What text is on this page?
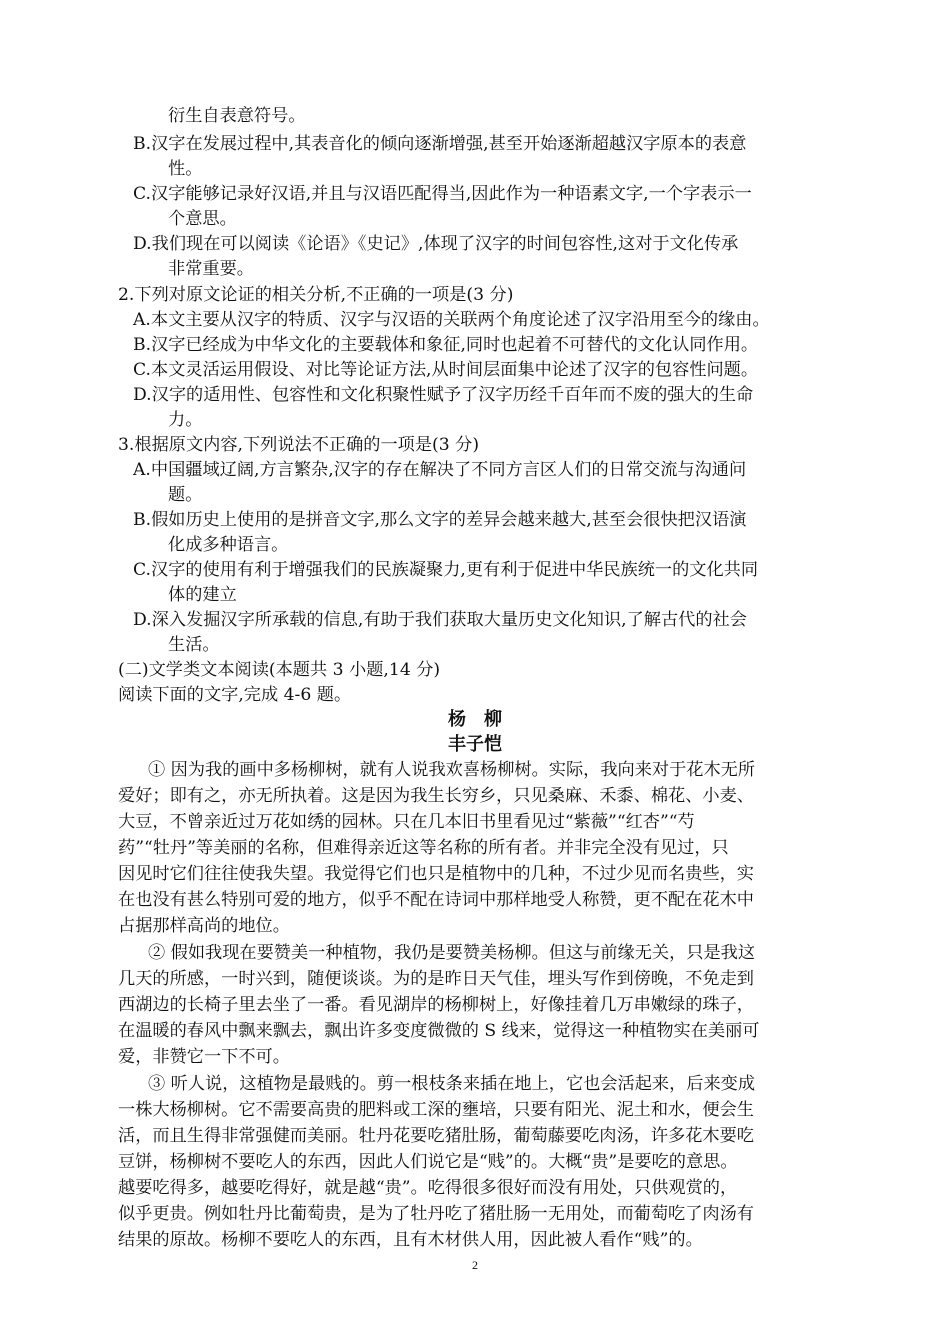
衍生自表意符号。
B.汉字在发展过程中,其表音化的倾向逐渐增强,甚至开始逐渐超越汉字原本的表意
性。
C.汉字能够记录好汉语,并且与汉语匹配得当,因此作为一种语素文字,一个字表示一
个意思。
D.我们现在可以阅读《论语》《史记》,体现了汉字的时间包容性,这对于文化传承
非常重要。
2.下列对原文论证的相关分析,不正确的一项是(3 分)
A.本文主要从汉字的特质、汉字与汉语的关联两个角度论述了汉字沿用至今的缘由。
B.汉字已经成为中华文化的主要载体和象征,同时也起着不可替代的文化认同作用。
C.本文灵活运用假设、对比等论证方法,从时间层面集中论述了汉字的包容性问题。
D.汉字的适用性、包容性和文化积聚性赋予了汉字历经千百年而不废的强大的生命
力。
3.根据原文内容,下列说法不正确的一项是(3 分)
A.中国疆域辽阔,方言繁杂,汉字的存在解决了不同方言区人们的日常交流与沟通问
题。
B.假如历史上使用的是拼音文字,那么文字的差异会越来越大,甚至会很快把汉语演
化成多种语言。
C.汉字的使用有利于增强我们的民族凝聚力,更有利于促进中华民族统一的文化共同
体的建立
D.深入发掘汉字所承载的信息,有助于我们获取大量历史文化知识,了解古代的社会
生活。
(二)文学类文本阅读(本题共 3 小题,14 分)
阅读下面的文字,完成 4-6 题。
杨　柳
丰子恺
① 因为我的画中多杨柳树，就有人说我欢喜杨柳树。实际，我向来对于花木无所
爱好；即有之，亦无所执着。这是因为我生长穷乡，只见桑麻、禾黍、棉花、小麦、
大豆，不曾亲近过万花如绣的园林。只在几本旧书里看见过“紫薇”“红杏”“芍
药”“牡丹”等美丽的名称，但难得亲近这等名称的所有者。并非完全没有见过，只
因见时它们往往使我失望。我觉得它们也只是植物中的几种，不过少见而名贵些，实
在也没有甚么特别可爱的地方，似乎不配在诗词中那样地受人称赞，更不配在花木中
占据那样高尚的地位。
② 假如我现在要赞美一种植物，我仍是要赞美杨柳。但这与前缘无关，只是我这
几天的所感，一时兴到，随便谈谈。为的是昨日天气佳，埋头写作到傍晚，不免走到
西湖边的长椅子里去坐了一番。看见湖岸的杨柳树上，好像挂着几万串嫩绿的珠子，
在温暖的春风中飘来飘去，飘出许多变度微微的 S 线来，觉得这一种植物实在美丽可
爱，非赞它一下不可。
③ 听人说，这植物是最贱的。剪一根枝条来插在地上，它也会活起来，后来变成
一株大杨柳树。它不需要高贵的肥料或工深的壅培，只要有阳光、泥土和水，便会生
活，而且生得非常强健而美丽。牡丹花要吃猪肚肠，葡萄藤要吃肉汤，许多花木要吃
豆饼，杨柳树不要吃人的东西，因此人们说它是“贱”的。大概“贵”是要吃的意思。
越要吃得多，越要吃得好，就是越“贵”。吃得很多很好而没有用处，只供观赏的，
似乎更贵。例如牡丹比葡萄贵，是为了牡丹吃了猪肚肠一无用处，而葡萄吃了肉汤有
结果的原故。杨柳不要吃人的东西，且有木材供人用，因此被人看作“贱”的。
2
